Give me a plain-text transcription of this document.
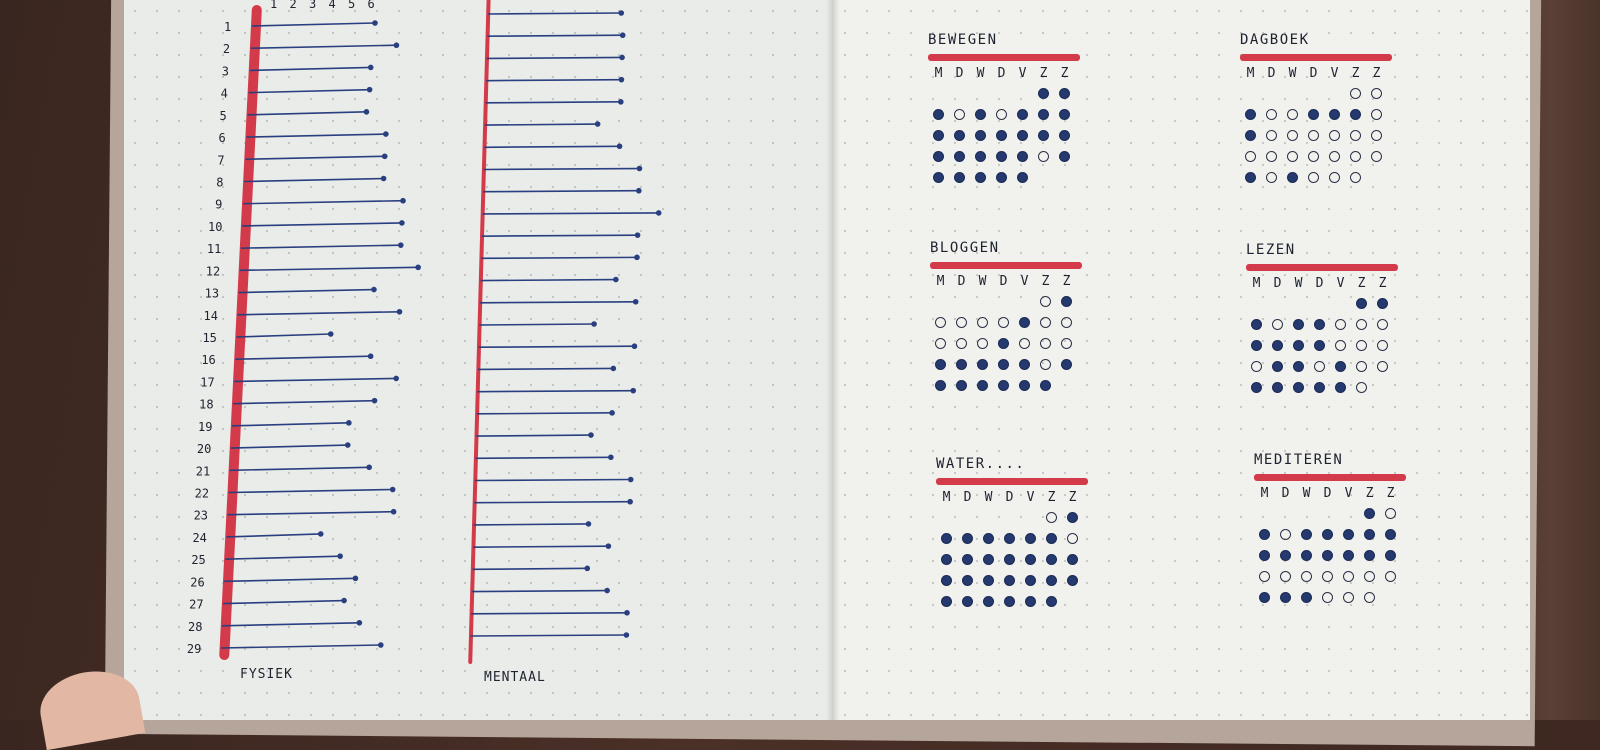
1 2 3 4 5 6
1
2
3
4
5
6
7
8
9
10
11
12
13
14
15
16
17
18
19
20
21
22
23
24
25
26
27
28
29
FYSIEK	MENTAAL
BEWEGEN
M	D	W	D	V	Z	Z
DAGBOEK
M	D	W	D	V	Z	Z
BLOGGEN
M	D	W	D	V	Z	Z
LEZEN
M	D	W	D	V	Z	Z
WATER....
M	D	W	D	V	Z	Z
MEDITEREN
M	D	W	D	V	Z	Z
